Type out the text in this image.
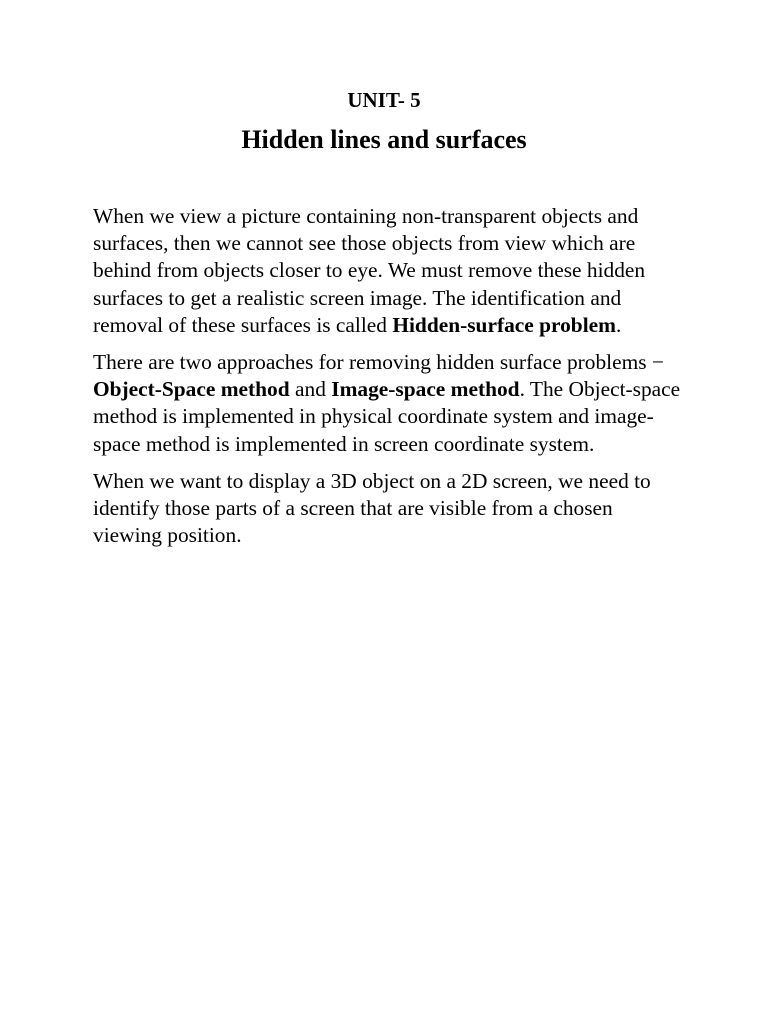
UNIT- 5
Hidden lines and surfaces

When we view a picture containing non-transparent objects and surfaces, then we cannot see those objects from view which are behind from objects closer to eye. We must remove these hidden surfaces to get a realistic screen image. The identification and removal of these surfaces is called Hidden-surface problem.

There are two approaches for removing hidden surface problems − Object-Space method and Image-space method. The Object-space method is implemented in physical coordinate system and image-space method is implemented in screen coordinate system.

When we want to display a 3D object on a 2D screen, we need to identify those parts of a screen that are visible from a chosen viewing position.
